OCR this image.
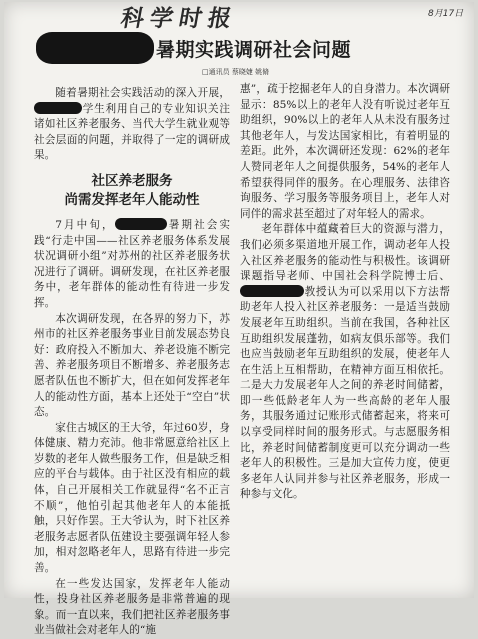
科学时报	8月17日
暑期实践调研社会问题
□通讯员 蔡晓婕 姚脩

随着暑期社会实践活动的深入开展，学生利用自己的专业知识关注诸如社区养老服务、当代大学生就业观等社会层面的问题，并取得了一定的调研成果。

社区养老服务
尚需发挥老年人能动性

7月中旬，	暑期社会实践“行走中国——社区养老服务体系发展状况调研小组”对苏州的社区养老服务状况进行了调研。调研发现，在社区养老服务中，老年群体的能动性有待进一步发挥。

本次调研发现，在各界的努力下，苏州市的社区养老服务事业目前发展态势良好：政府投入不断加大、养老设施不断完善、养老服务项目不断增多、养老服务志愿者队伍也不断扩大，但在如何发挥老年人的能动性方面，基本上还处于“空白”状态。

家住古城区的王大爷，年过60岁，身体健康、精力充沛。他非常愿意给社区上岁数的老年人做些服务工作，但是缺乏相应的平台与载体。由于社区没有相应的载体，自己开展相关工作就显得“名不正言不顺”，他怕引起其他老年人的本能抵触，只好作罢。王大爷认为，时下社区养老服务志愿者队伍建设主要强调年轻人参加，相对忽略老年人，思路有待进一步完善。

在一些发达国家，发挥老年人能动性，投身社区养老服务是非常普遍的现象。而一直以来，我们把社区养老服务事业当做社会对老年人的“施

惠”，疏于挖掘老年人的自身潜力。本次调研显示：85%以上的老年人没有听说过老年互助组织，90%以上的老年人从未没有服务过其他老年人，与发达国家相比，有着明显的差距。此外，本次调研还发现：62%的老年人赞同老年人之间提供服务，54%的老年人希望获得同伴的服务。在心理服务、法律咨询服务、学习服务等服务项目上，老年人对同伴的需求甚至超过了对年轻人的需求。

老年群体中蕴藏着巨大的资源与潜力，我们必须多渠道地开展工作，调动老年人投入社区养老服务的能动性与积极性。该调研课题指导老师、中国社会科学院博士后、教授认为可以采用以下方法帮助老年人投入社区养老服务：一是适当鼓励发展老年互助组织。当前在我国，各种社区互助组织发展蓬勃，如病友俱乐部等。我们也应当鼓励老年互助组织的发展，使老年人在生活上互相帮助，在精神方面互相依托。二是大力发展老年人之间的养老时间储蓄，即一些低龄老年人为一些高龄的老年人服务，其服务通过记账形式储蓄起来，将来可以享受同样时间的服务形式。与志愿服务相比，养老时间储蓄制度更可以充分调动一些老年人的积极性。三是加大宣传力度，使更多老年人认同并参与社区养老服务，形成一种参与文化。
